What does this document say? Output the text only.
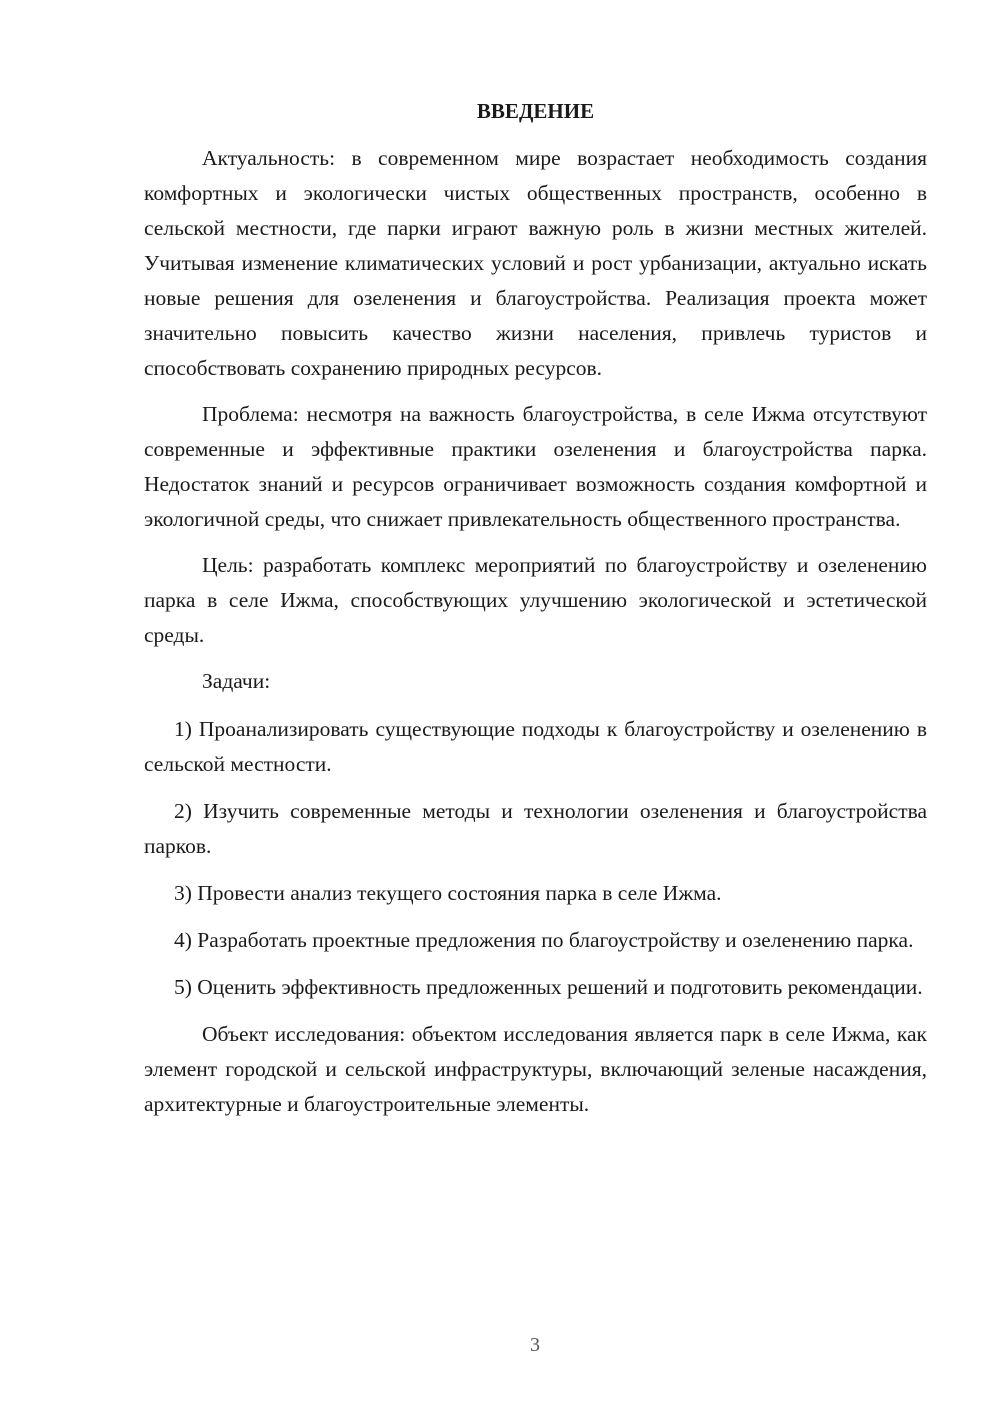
ВВЕДЕНИЕ

Актуальность: в современном мире возрастает необходимость создания комфортных и экологически чистых общественных пространств, особенно в сельской местности, где парки играют важную роль в жизни местных жителей. Учитывая изменение климатических условий и рост урбанизации, актуально искать новые решения для озеленения и благоустройства. Реализация проекта может значительно повысить качество жизни населения, привлечь туристов и способствовать сохранению природных ресурсов.

Проблема: несмотря на важность благоустройства, в селе Ижма отсутствуют современные и эффективные практики озеленения и благоустройства парка. Недостаток знаний и ресурсов ограничивает возможность создания комфортной и экологичной среды, что снижает привлекательность общественного пространства.

Цель: разработать комплекс мероприятий по благоустройству и озеленению парка в селе Ижма, способствующих улучшению экологической и эстетической среды.

Задачи:

1) Проанализировать существующие подходы к благоустройству и озеленению в сельской местности.

2) Изучить современные методы и технологии озеленения и благоустройства парков.

3) Провести анализ текущего состояния парка в селе Ижма.

4) Разработать проектные предложения по благоустройству и озеленению парка.

5) Оценить эффективность предложенных решений и подготовить рекомендации.

Объект исследования: объектом исследования является парк в селе Ижма, как элемент городской и сельской инфраструктуры, включающий зеленые насаждения, архитектурные и благоустроительные элементы.

3
